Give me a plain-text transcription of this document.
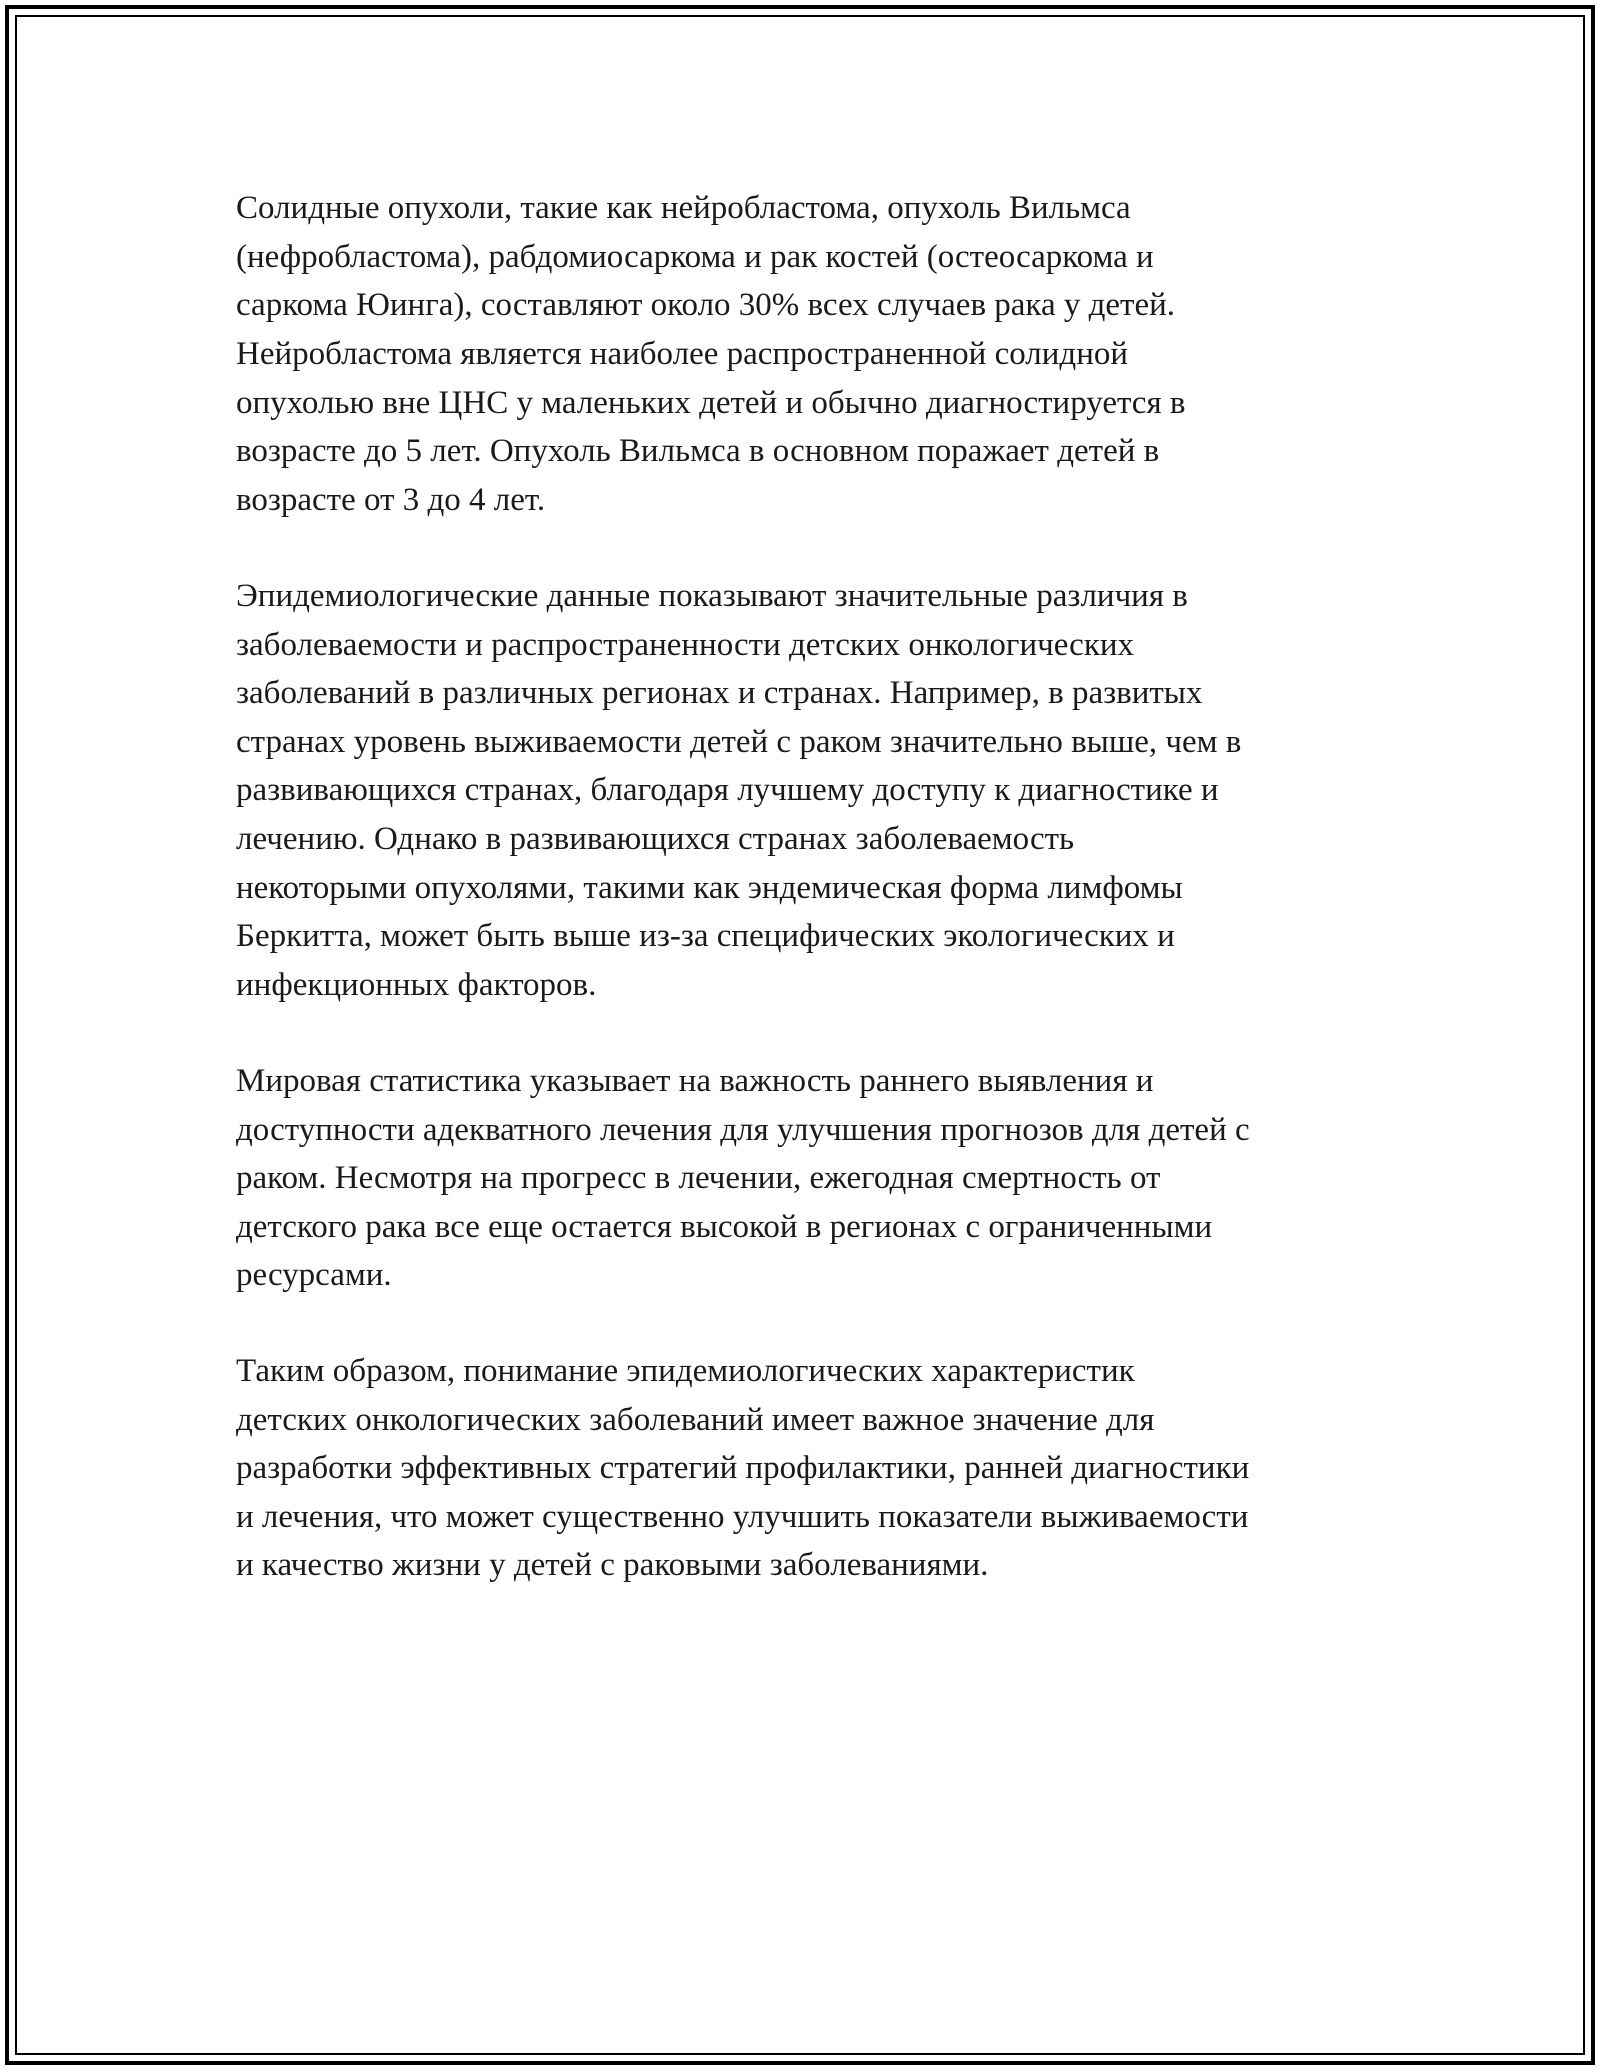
Солидные опухоли, такие как нейробластома, опухоль Вильмса

(нефробластома), рабдомиосаркома и рак костей (остеосаркома и

саркома Юинга), составляют около 30% всех случаев рака у детей.

Нейробластома является наиболее распространенной солидной

опухолью вне ЦНС у маленьких детей и обычно диагностируется в

возрасте до 5 лет. Опухоль Вильмса в основном поражает детей в

возрасте от 3 до 4 лет.

Эпидемиологические данные показывают значительные различия в

заболеваемости и распространенности детских онкологических

заболеваний в различных регионах и странах. Например, в развитых

странах уровень выживаемости детей с раком значительно выше, чем в

развивающихся странах, благодаря лучшему доступу к диагностике и

лечению. Однако в развивающихся странах заболеваемость

некоторыми опухолями, такими как эндемическая форма лимфомы

Беркитта, может быть выше из-за специфических экологических и

инфекционных факторов.

Мировая статистика указывает на важность раннего выявления и

доступности адекватного лечения для улучшения прогнозов для детей с

раком. Несмотря на прогресс в лечении, ежегодная смертность от

детского рака все еще остается высокой в регионах с ограниченными

ресурсами.

Таким образом, понимание эпидемиологических характеристик

детских онкологических заболеваний имеет важное значение для

разработки эффективных стратегий профилактики, ранней диагностики

и лечения, что может существенно улучшить показатели выживаемости

и качество жизни у детей с раковыми заболеваниями.
